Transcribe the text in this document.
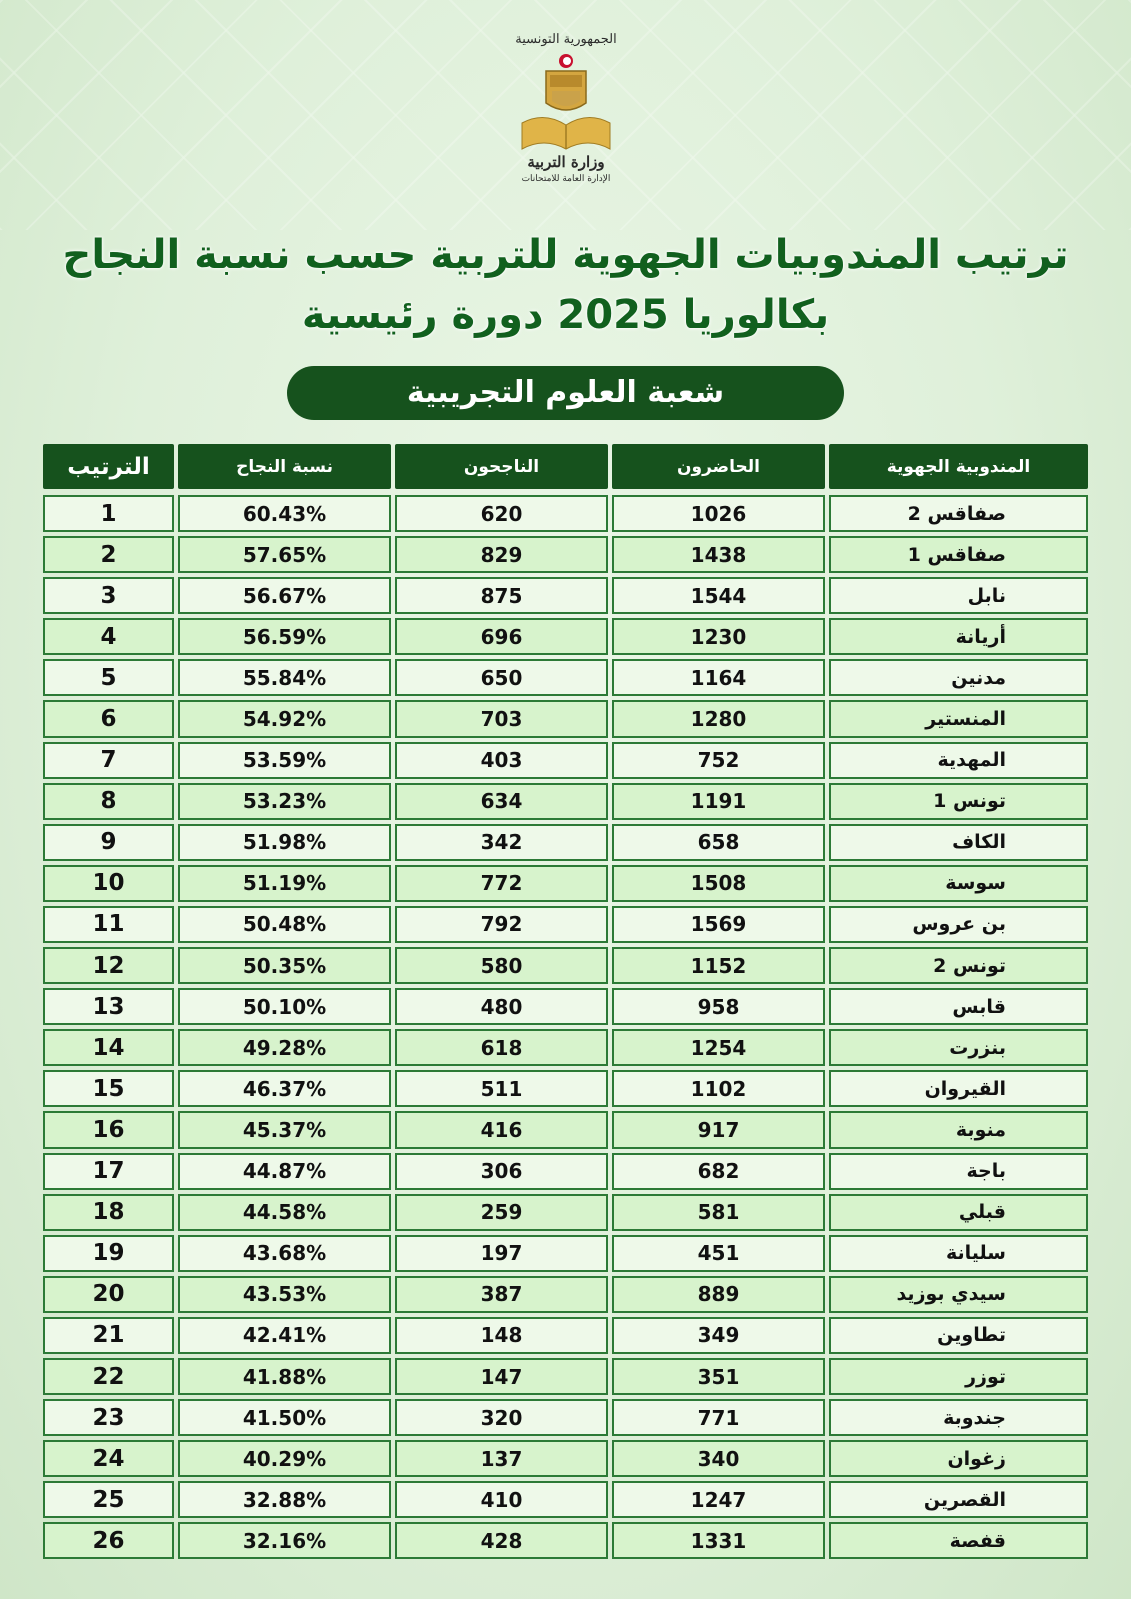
الجمهورية التونسية
وزارة التربية
الإدارة العامة للامتحانات
ترتيب المندوبيات الجهوية للتربية حسب نسبة النجاح
بكالوريا 2025 دورة رئيسية
شعبة العلوم التجريبية
المندوبية الجهوية
الحاضرون
الناجحون
نسبة النجاح
الترتيب
صفاقس 2
1026
620
60.43%
1
صفاقس 1
1438
829
57.65%
2
نابل
1544
875
56.67%
3
أريانة
1230
696
56.59%
4
مدنين
1164
650
55.84%
5
المنستير
1280
703
54.92%
6
المهدية
752
403
53.59%
7
تونس 1
1191
634
53.23%
8
الكاف
658
342
51.98%
9
سوسة
1508
772
51.19%
10
بن عروس
1569
792
50.48%
11
تونس 2
1152
580
50.35%
12
قابس
958
480
50.10%
13
بنزرت
1254
618
49.28%
14
القيروان
1102
511
46.37%
15
منوبة
917
416
45.37%
16
باجة
682
306
44.87%
17
قبلي
581
259
44.58%
18
سليانة
451
197
43.68%
19
سيدي بوزيد
889
387
43.53%
20
تطاوين
349
148
42.41%
21
توزر
351
147
41.88%
22
جندوبة
771
320
41.50%
23
زغوان
340
137
40.29%
24
القصرين
1247
410
32.88%
25
قفصة
1331
428
32.16%
26
